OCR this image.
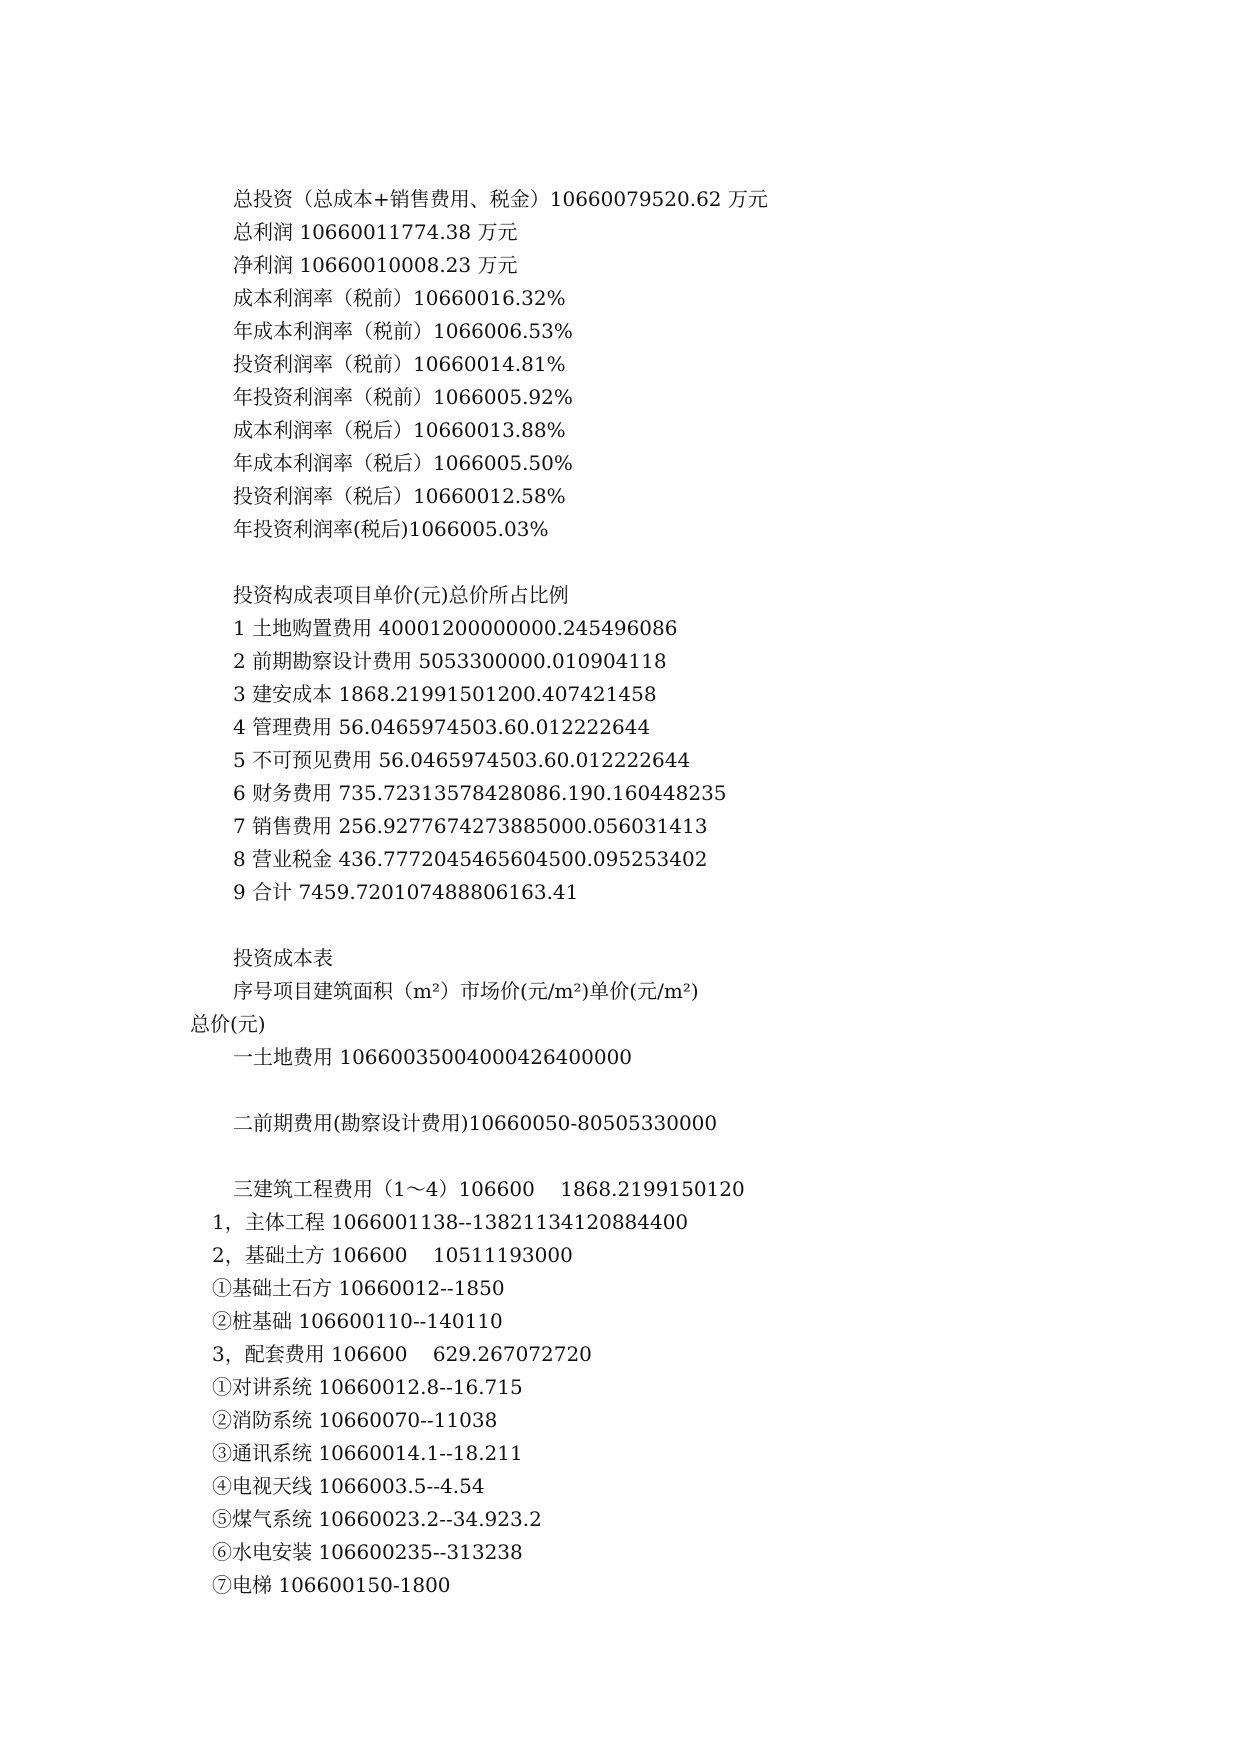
总投资（总成本+销售费用、税金）10660079520.62 万元
总利润 10660011774.38 万元
净利润 10660010008.23 万元
成本利润率（税前）10660016.32%
年成本利润率（税前）1066006.53%
投资利润率（税前）10660014.81%
年投资利润率（税前）1066005.92%
成本利润率（税后）10660013.88%
年成本利润率（税后）1066005.50%
投资利润率（税后）10660012.58%
年投资利润率(税后)1066005.03%
投资构成表项目单价(元)总价所占比例
1 土地购置费用 40001200000000.245496086
2 前期勘察设计费用 5053300000.010904118
3 建安成本 1868.21991501200.407421458
4 管理费用 56.0465974503.60.012222644
5 不可预见费用 56.0465974503.60.012222644
6 财务费用 735.72313578428086.190.160448235
7 销售费用 256.9277674273885000.056031413
8 营业税金 436.7772045465604500.095253402
9 合计 7459.720107488806163.41
投资成本表
序号项目建筑面积（m²）市场价(元/m²)单价(元/m²)
总价(元)
一土地费用 106600350040004264000​00
二前期费用(勘察设计费用)10660050-80505330000
三建筑工程费用（1～4）106600    1868.2199150120
1，主体工程 1066001138--13821134120884400
2，基础土方 106600    10511193000
①基础土石方 10660012--1850
②桩基础 106600110--140110
3，配套费用 106600    629.267072720
①对讲系统 10660012.8--16.715
②消防系统 10660070--11038
③通讯系统 10660014.1--18.211
④电视天线 1066003.5--4.54
⑤煤气系统 10660023.2--34.923.2
⑥水电安装 106600235--313238
⑦电梯 106600150-1800
